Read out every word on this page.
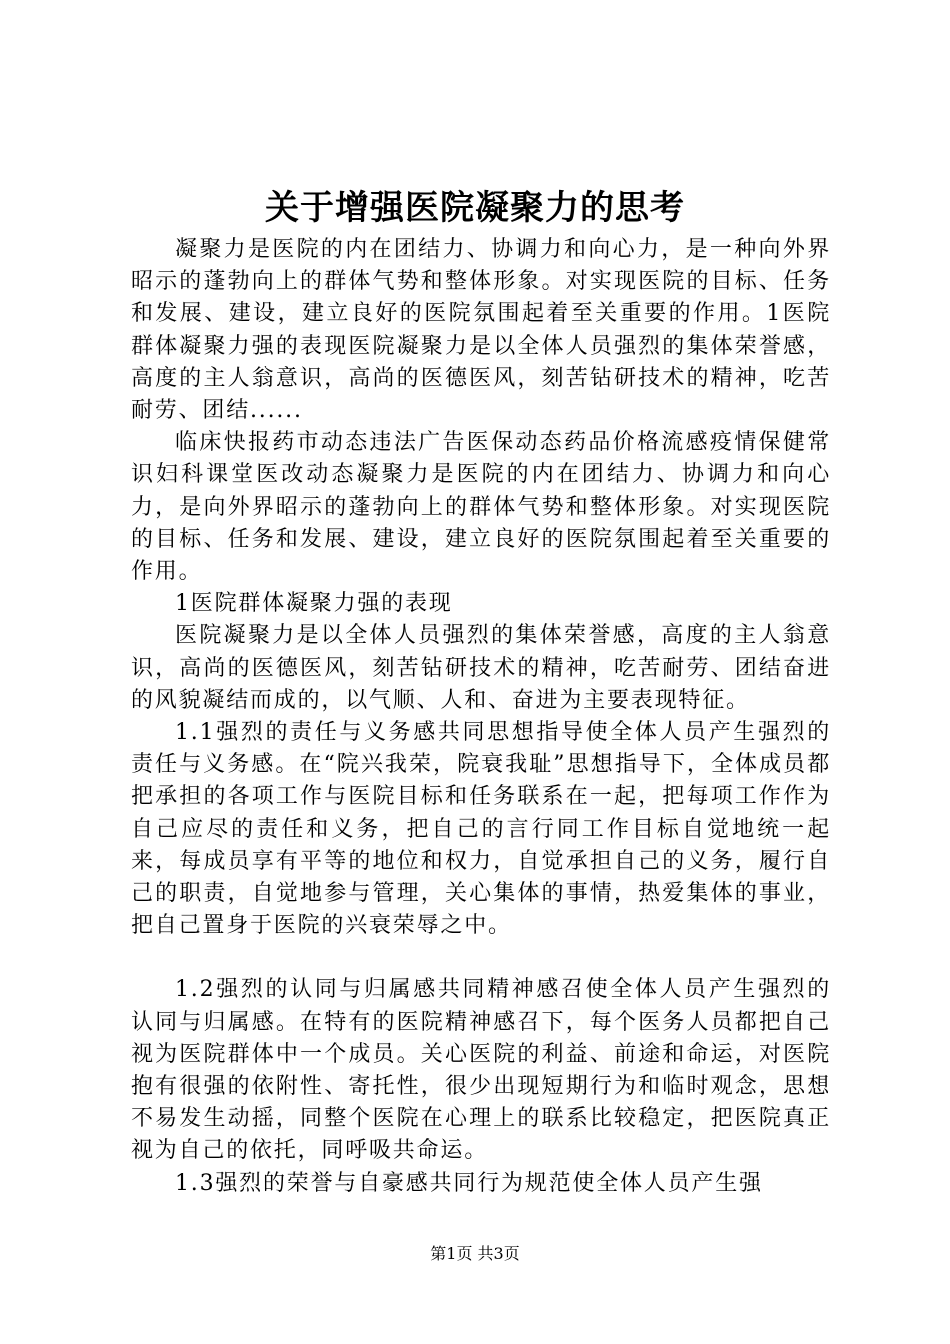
关于增强医院凝聚力的思考

凝聚力是医院的内在团结力、协调力和向心力，是一种向外界昭示的蓬勃向上的群体气势和整体形象。对实现医院的目标、任务和发展、建设，建立良好的医院氛围起着至关重要的作用。1医院群体凝聚力强的表现医院凝聚力是以全体人员强烈的集体荣誉感，高度的主人翁意识，高尚的医德医风，刻苦钻研技术的精神，吃苦耐劳、团结......

临床快报药市动态违法广告医保动态药品价格流感疫情保健常识妇科课堂医改动态凝聚力是医院的内在团结力、协调力和向心力，是向外界昭示的蓬勃向上的群体气势和整体形象。对实现医院的目标、任务和发展、建设，建立良好的医院氛围起着至关重要的作用。

1医院群体凝聚力强的表现

医院凝聚力是以全体人员强烈的集体荣誉感，高度的主人翁意识，高尚的医德医风，刻苦钻研技术的精神，吃苦耐劳、团结奋进的风貌凝结而成的，以气顺、人和、奋进为主要表现特征。

1.1强烈的责任与义务感共同思想指导使全体人员产生强烈的责任与义务感。在“院兴我荣，院衰我耻”思想指导下，全体成员都把承担的各项工作与医院目标和任务联系在一起，把每项工作作为自己应尽的责任和义务，把自己的言行同工作目标自觉地统一起来，每成员享有平等的地位和权力，自觉承担自己的义务，履行自己的职责，自觉地参与管理，关心集体的事情，热爱集体的事业，把自己置身于医院的兴衰荣辱之中。

1.2强烈的认同与归属感共同精神感召使全体人员产生强烈的认同与归属感。在特有的医院精神感召下，每个医务人员都把自己视为医院群体中一个成员。关心医院的利益、前途和命运，对医院抱有很强的依附性、寄托性，很少出现短期行为和临时观念，思想不易发生动摇，同整个医院在心理上的联系比较稳定，把医院真正视为自己的依托，同呼吸共命运。

1.3强烈的荣誉与自豪感共同行为规范使全体人员产生强

第1页 共3页
